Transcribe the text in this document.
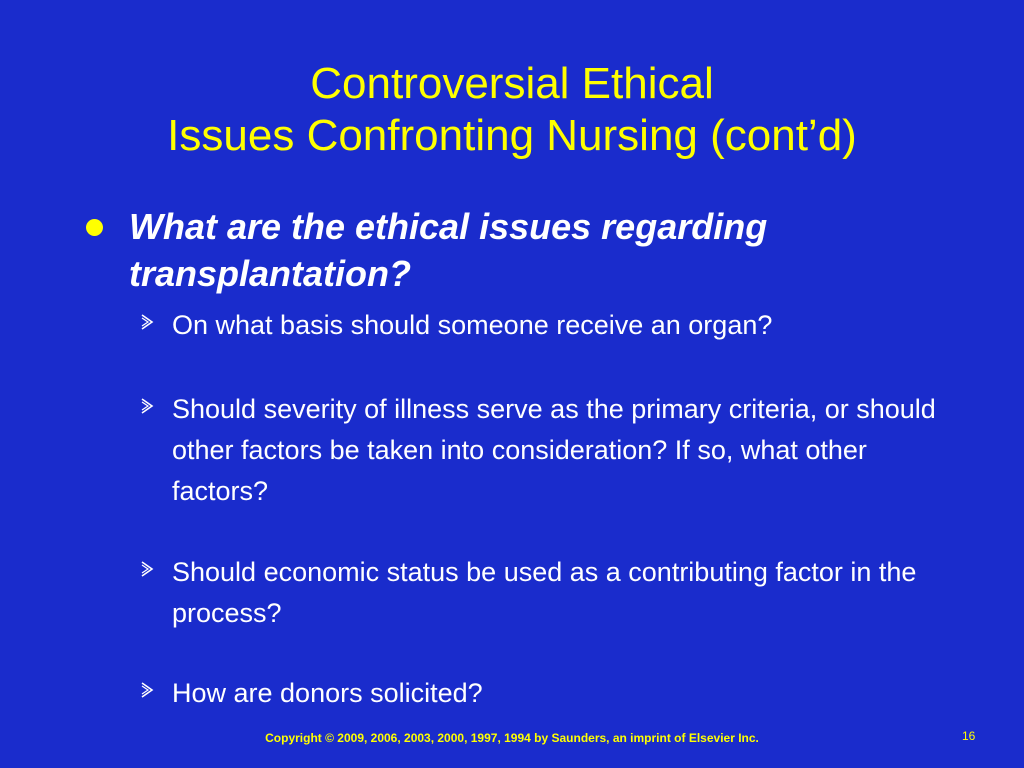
Controversial Ethical
Issues Confronting Nursing (cont’d)
What are the ethical issues regarding transplantation?
On what basis should someone receive an organ?
Should severity of illness serve as the primary criteria, or should other factors be taken into consideration? If so, what other factors?
Should economic status be used as a contributing factor in the process?
How are donors solicited?
Copyright © 2009, 2006, 2003, 2000, 1997, 1994 by Saunders, an imprint of Elsevier Inc.	16
